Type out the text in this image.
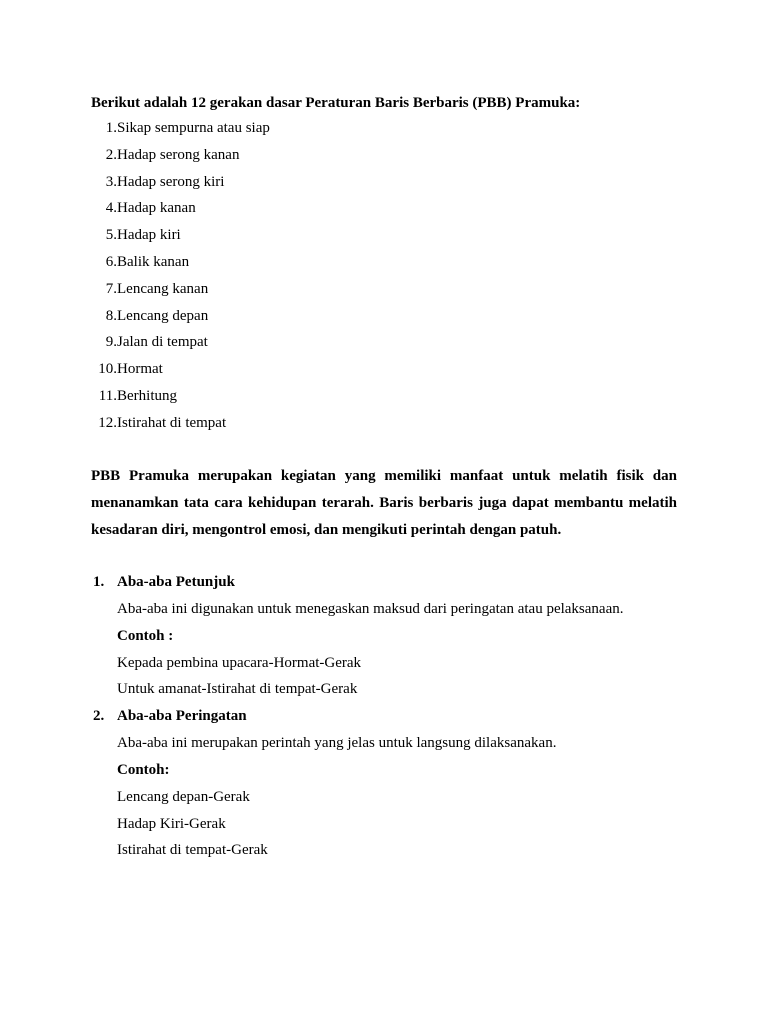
Berikut adalah 12 gerakan dasar Peraturan Baris Berbaris (PBB) Pramuka:
1. Sikap sempurna atau siap
2. Hadap serong kanan
3. Hadap serong kiri
4. Hadap kanan
5. Hadap kiri
6. Balik kanan
7. Lencang kanan
8. Lencang depan
9. Jalan di tempat
10. Hormat
11. Berhitung
12. Istirahat di tempat

PBB Pramuka merupakan kegiatan yang memiliki manfaat untuk melatih fisik dan menanamkan tata cara kehidupan terarah. Baris berbaris juga dapat membantu melatih kesadaran diri, mengontrol emosi, dan mengikuti perintah dengan patuh.

1. Aba-aba Petunjuk
Aba-aba ini digunakan untuk menegaskan maksud dari peringatan atau pelaksanaan.
Contoh :
Kepada pembina upacara-Hormat-Gerak
Untuk amanat-Istirahat di tempat-Gerak
2. Aba-aba Peringatan
Aba-aba ini merupakan perintah yang jelas untuk langsung dilaksanakan.
Contoh:
Lencang depan-Gerak
Hadap Kiri-Gerak
Istirahat di tempat-Gerak
